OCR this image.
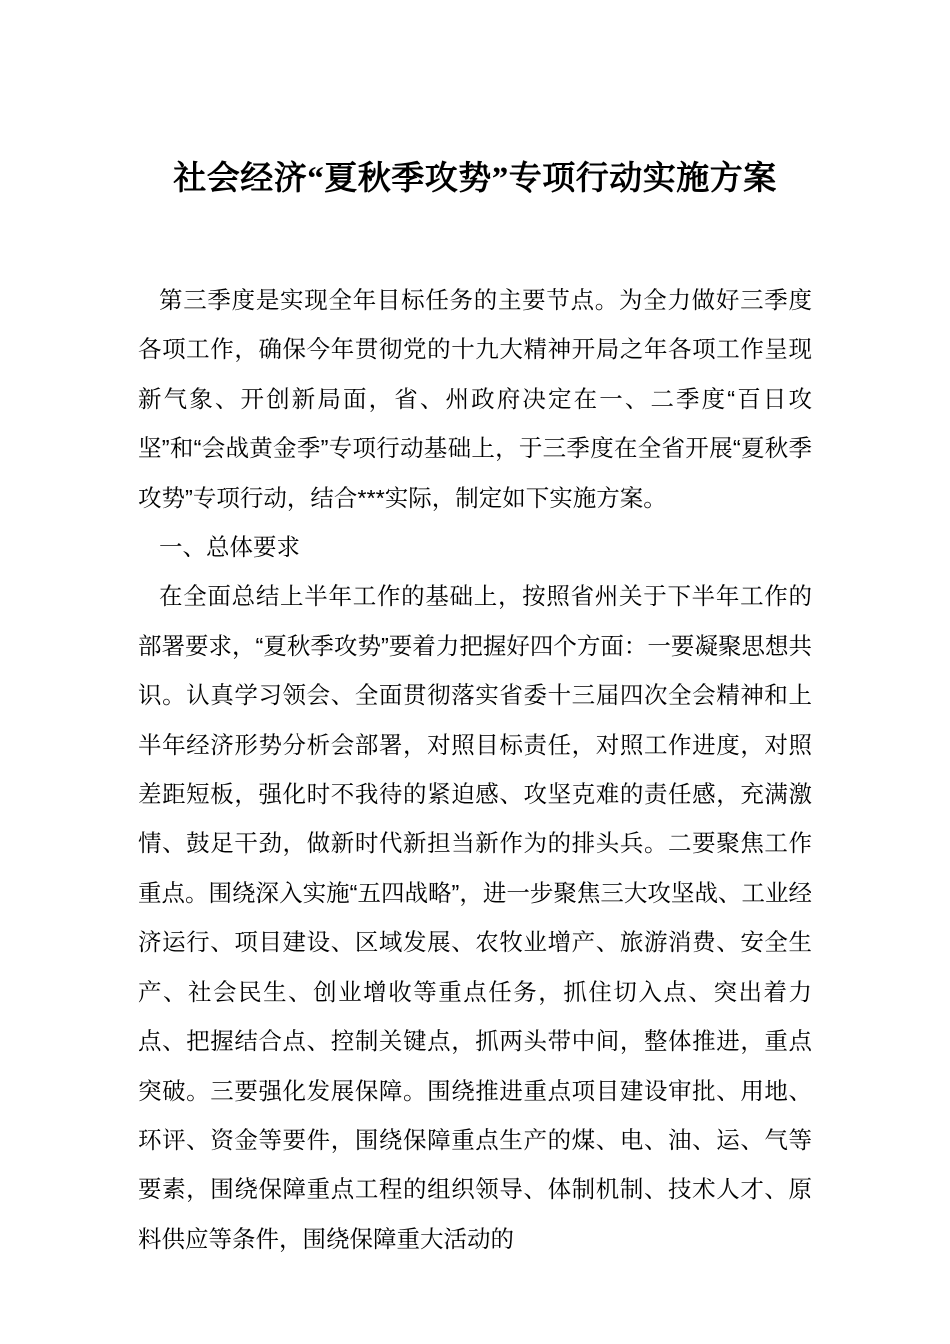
社会经济“夏秋季攻势”专项行动实施方案

第三季度是实现全年目标任务的主要节点。为全力做好三季度各项工作，确保今年贯彻党的十九大精神开局之年各项工作呈现新气象、开创新局面，省、州政府决定在一、二季度“百日攻坚”和“会战黄金季”专项行动基础上，于三季度在全省开展“夏秋季攻势”专项行动，结合***实际，制定如下实施方案。

一、总体要求

在全面总结上半年工作的基础上，按照省州关于下半年工作的部署要求，“夏秋季攻势”要着力把握好四个方面：一要凝聚思想共识。认真学习领会、全面贯彻落实省委十三届四次全会精神和上半年经济形势分析会部署，对照目标责任，对照工作进度，对照差距短板，强化时不我待的紧迫感、攻坚克难的责任感，充满激情、鼓足干劲，做新时代新担当新作为的排头兵。二要聚焦工作重点。围绕深入实施“五四战略”，进一步聚焦三大攻坚战、工业经济运行、项目建设、区域发展、农牧业增产、旅游消费、安全生产、社会民生、创业增收等重点任务，抓住切入点、突出着力点、把握结合点、控制关键点，抓两头带中间，整体推进，重点突破。三要强化发展保障。围绕推进重点项目建设审批、用地、环评、资金等要件，围绕保障重点生产的煤、电、油、运、气等要素，围绕保障重点工程的组织领导、体制机制、技术人才、原料供应等条件，围绕保障重大活动的
